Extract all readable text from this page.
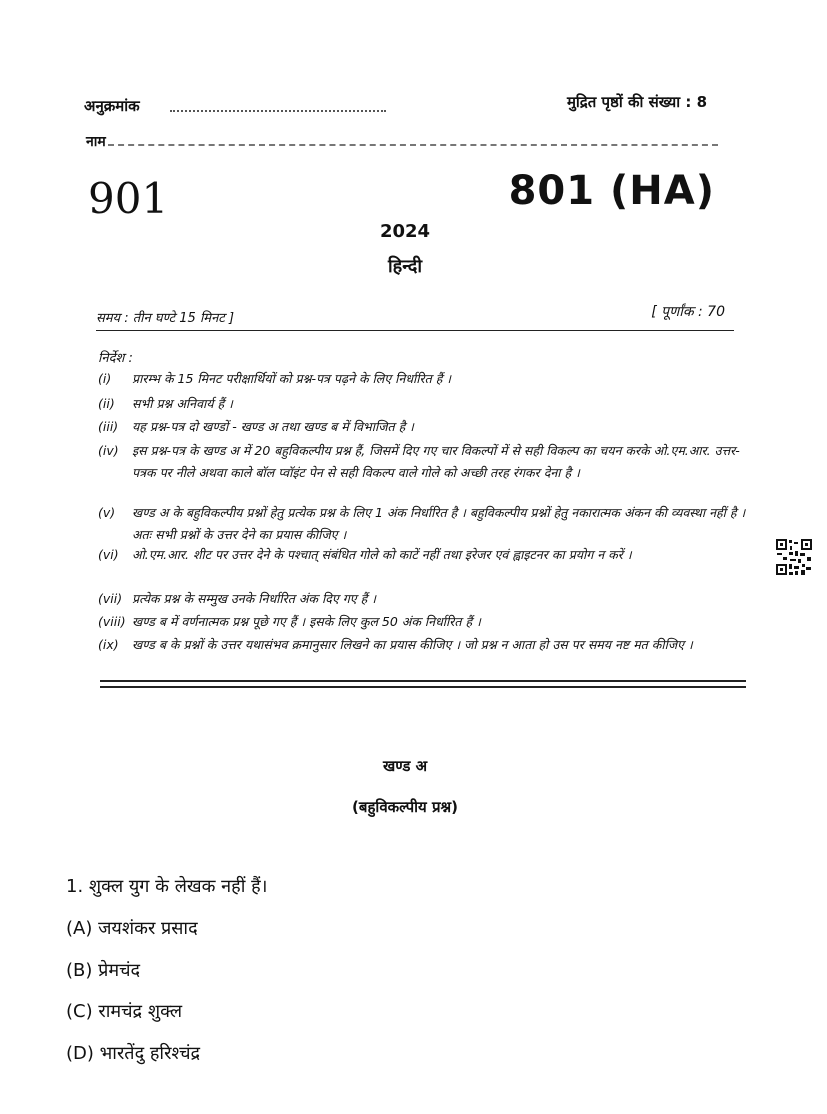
अनुक्रमांक	मुद्रित पृष्ठों की संख्या : 8
नाम
901	801 (HA)
2024
हिन्दी
समय : तीन घण्टे 15 मिनट ]	[ पूर्णांक : 70
निर्देश :
(i)	प्रारम्भ के 15 मिनट परीक्षार्थियों को प्रश्न-पत्र पढ़ने के लिए निर्धारित हैं ।
(ii)	सभी प्रश्न अनिवार्य हैं ।
(iii)	यह प्रश्न-पत्र दो खण्डों - खण्ड अ तथा खण्ड ब में विभाजित है ।
(iv)	इस प्रश्न-पत्र के खण्ड अ में 20 बहुविकल्पीय प्रश्न हैं, जिसमें दिए गए चार विकल्पों में से सही विकल्प का चयन करके ओ.एम.आर. उत्तर-पत्रक पर नीले अथवा काले बॉल प्वॉइंट पेन से सही विकल्प वाले गोले को अच्छी तरह रंगकर देना है ।
(v)	खण्ड अ के बहुविकल्पीय प्रश्नों हेतु प्रत्येक प्रश्न के लिए 1 अंक निर्धारित है । बहुविकल्पीय प्रश्नों हेतु नकारात्मक अंकन की व्यवस्था नहीं है । अतः सभी प्रश्नों के उत्तर देने का प्रयास कीजिए ।
(vi)	ओ.एम.आर. शीट पर उत्तर देने के पश्चात् संबंधित गोले को काटें नहीं तथा इरेजर एवं ह्वाइटनर का प्रयोग न करें ।
(vii) प्रत्येक प्रश्न के सम्मुख उनके निर्धारित अंक दिए गए हैं ।
(viii) खण्ड ब में वर्णनात्मक प्रश्न पूछे गए हैं । इसके लिए कुल 50 अंक निर्धारित हैं ।
(ix)	खण्ड ब के प्रश्नों के उत्तर यथासंभव क्रमानुसार लिखने का प्रयास कीजिए । जो प्रश्न न आता हो उस पर समय नष्ट मत कीजिए ।
खण्ड अ
(बहुविकल्पीय प्रश्न)
1. शुक्ल युग के लेखक नहीं हैं।
(A) जयशंकर प्रसाद
(B) प्रेमचंद
(C) रामचंद्र शुक्ल
(D) भारतेंदु हरिश्चंद्र
